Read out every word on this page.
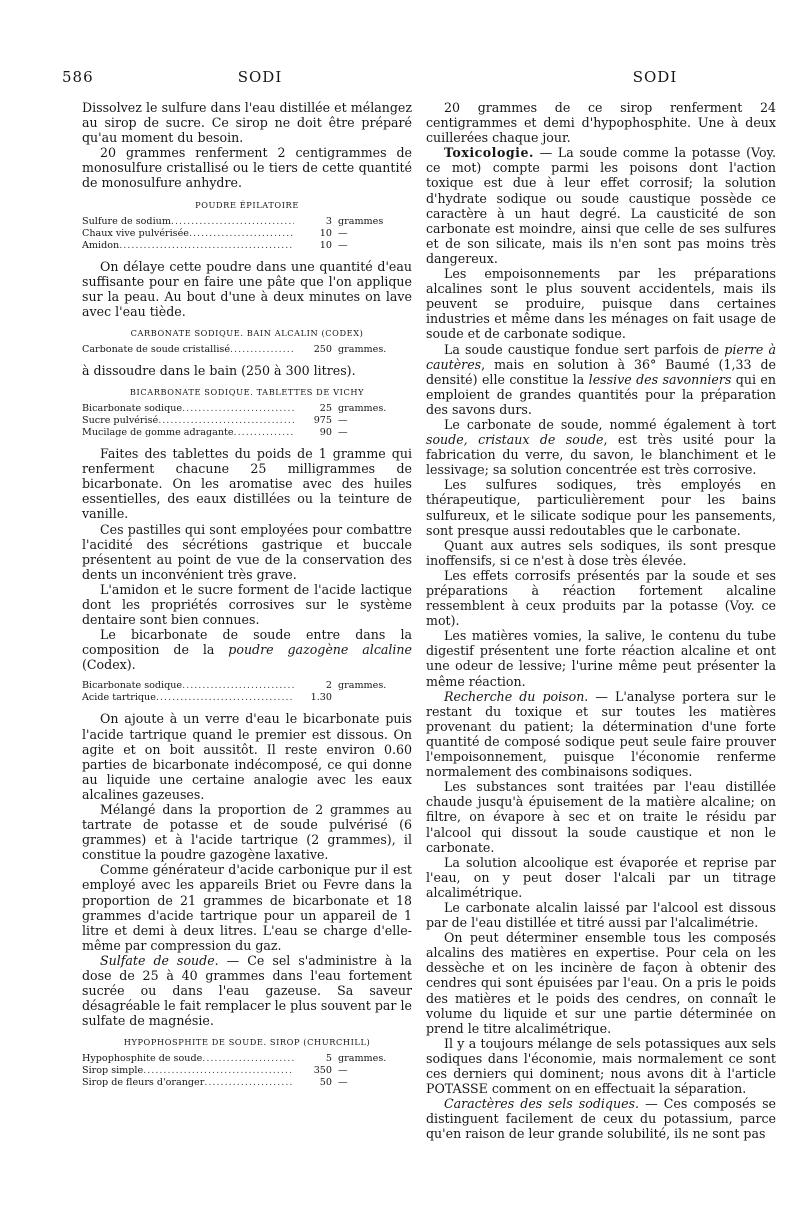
586	SODI	SODI

Dissolvez le sulfure dans l'eau distillée et mélangez au sirop de sucre. Ce sirop ne doit être préparé qu'au moment du besoin.

20 grammes renferment 2 centigrammes de monosulfure cristallisé ou le tiers de cette quantité de monosulfure anhydre.

POUDRE ÉPILATOIRE
Sulfure de sodium .....	3 grammes
Chaux vive pulvérisée .....	10 —
Amidon .....	10 —

On délaye cette poudre dans une quantité d'eau suffisante pour en faire une pâte que l'on applique sur la peau. Au bout d'une à deux minutes on lave avec l'eau tiède.

CARBONATE SODIQUE. BAIN ALCALIN (CODEX)
Carbonate de soude cristallisé .....	250 grammes.

à dissoudre dans le bain (250 à 300 litres).

BICARBONATE SODIQUE. TABLETTES DE VICHY
Bicarbonate sodique .....	25 grammes.
Sucre pulvérisé .....	975 —
Mucilage de gomme adragante .....	90 —

Faites des tablettes du poids de 1 gramme qui renferment chacune 25 milligrammes de bicarbonate. On les aromatise avec des huiles essentielles, des eaux distillées ou la teinture de vanille.

Ces pastilles qui sont employées pour combattre l'acidité des sécrétions gastrique et buccale présentent au point de vue de la conservation des dents un inconvénient très grave.

L'amidon et le sucre forment de l'acide lactique dont les propriétés corrosives sur le système dentaire sont bien connues.

Le bicarbonate de soude entre dans la composition de la poudre gazogène alcaline (Codex).

Bicarbonate sodique .....	2 grammes.
Acide tartrique .....	1.30

On ajoute à un verre d'eau le bicarbonate puis l'acide tartrique quand le premier est dissous. On agite et on boit aussitôt. Il reste environ 0.60 parties de bicarbonate indécomposé, ce qui donne au liquide une certaine analogie avec les eaux alcalines gazeuses.

Mélangé dans la proportion de 2 grammes au tartrate de potasse et de soude pulvérisé (6 grammes) et à l'acide tartrique (2 grammes), il constitue la poudre gazogène laxative.

Comme générateur d'acide carbonique pur il est employé avec les appareils Briet ou Fevre dans la proportion de 21 grammes de bicarbonate et 18 grammes d'acide tartrique pour un appareil de 1 litre et demi à deux litres. L'eau se charge d'elle-même par compression du gaz.

Sulfate de soude. — Ce sel s'administre à la dose de 25 à 40 grammes dans l'eau fortement sucrée ou dans l'eau gazeuse. Sa saveur désagréable le fait remplacer le plus souvent par le sulfate de magnésie.

HYPOPHOSPHITE DE SOUDE. SIROP (CHURCHILL)
Hypophosphite de soude .....	5 grammes.
Sirop simple .....	350 —
Sirop de fleurs d'oranger .....	50 —

20 grammes de ce sirop renferment 24 centigrammes et demi d'hypophosphite. Une à deux cuillerées chaque jour.

Toxicologie. — La soude comme la potasse (Voy. ce mot) compte parmi les poisons dont l'action toxique est due à leur effet corrosif; la solution d'hydrate sodique ou soude caustique possède ce caractère à un haut degré. La causticité de son carbonate est moindre, ainsi que celle de ses sulfures et de son silicate, mais ils n'en sont pas moins très dangereux.

Les empoisonnements par les préparations alcalines sont le plus souvent accidentels, mais ils peuvent se produire, puisque dans certaines industries et même dans les ménages on fait usage de soude et de carbonate sodique.

La soude caustique fondue sert parfois de pierre à cautères, mais en solution à 36° Baumé (1,33 de densité) elle constitue la lessive des savonniers qui en emploient de grandes quantités pour la préparation des savons durs.

Le carbonate de soude, nommé également à tort soude, cristaux de soude, est très usité pour la fabrication du verre, du savon, le blanchiment et le lessivage; sa solution concentrée est très corrosive.

Les sulfures sodiques, très employés en thérapeutique, particulièrement pour les bains sulfureux, et le silicate sodique pour les pansements, sont presque aussi redoutables que le carbonate.

Quant aux autres sels sodiques, ils sont presque inoffensifs, si ce n'est à dose très élevée.

Les effets corrosifs présentés par la soude et ses préparations à réaction fortement alcaline ressemblent à ceux produits par la potasse (Voy. ce mot).

Les matières vomies, la salive, le contenu du tube digestif présentent une forte réaction alcaline et ont une odeur de lessive; l'urine même peut présenter la même réaction.

Recherche du poison. — L'analyse portera sur le restant du toxique et sur toutes les matières provenant du patient; la détermination d'une forte quantité de composé sodique peut seule faire prouver l'empoisonnement, puisque l'économie renferme normalement des combinaisons sodiques.

Les substances sont traitées par l'eau distillée chaude jusqu'à épuisement de la matière alcaline; on filtre, on évapore à sec et on traite le résidu par l'alcool qui dissout la soude caustique et non le carbonate.

La solution alcoolique est évaporée et reprise par l'eau, on y peut doser l'alcali par un titrage alcalimétrique.

Le carbonate alcalin laissé par l'alcool est dissous par de l'eau distillée et titré aussi par l'alcalimétrie.

On peut déterminer ensemble tous les composés alcalins des matières en expertise. Pour cela on les dessèche et on les incinère de façon à obtenir des cendres qui sont épuisées par l'eau. On a pris le poids des matières et le poids des cendres, on connaît le volume du liquide et sur une partie déterminée on prend le titre alcalimétrique.

Il y a toujours mélange de sels potassiques aux sels sodiques dans l'économie, mais normalement ce sont ces derniers qui dominent; nous avons dit à l'article POTASSE comment on en effectuait la séparation.

Caractères des sels sodiques. — Ces composés se distinguent facilement de ceux du potassium, parce qu'en raison de leur grande solubilité, ils ne sont pas
